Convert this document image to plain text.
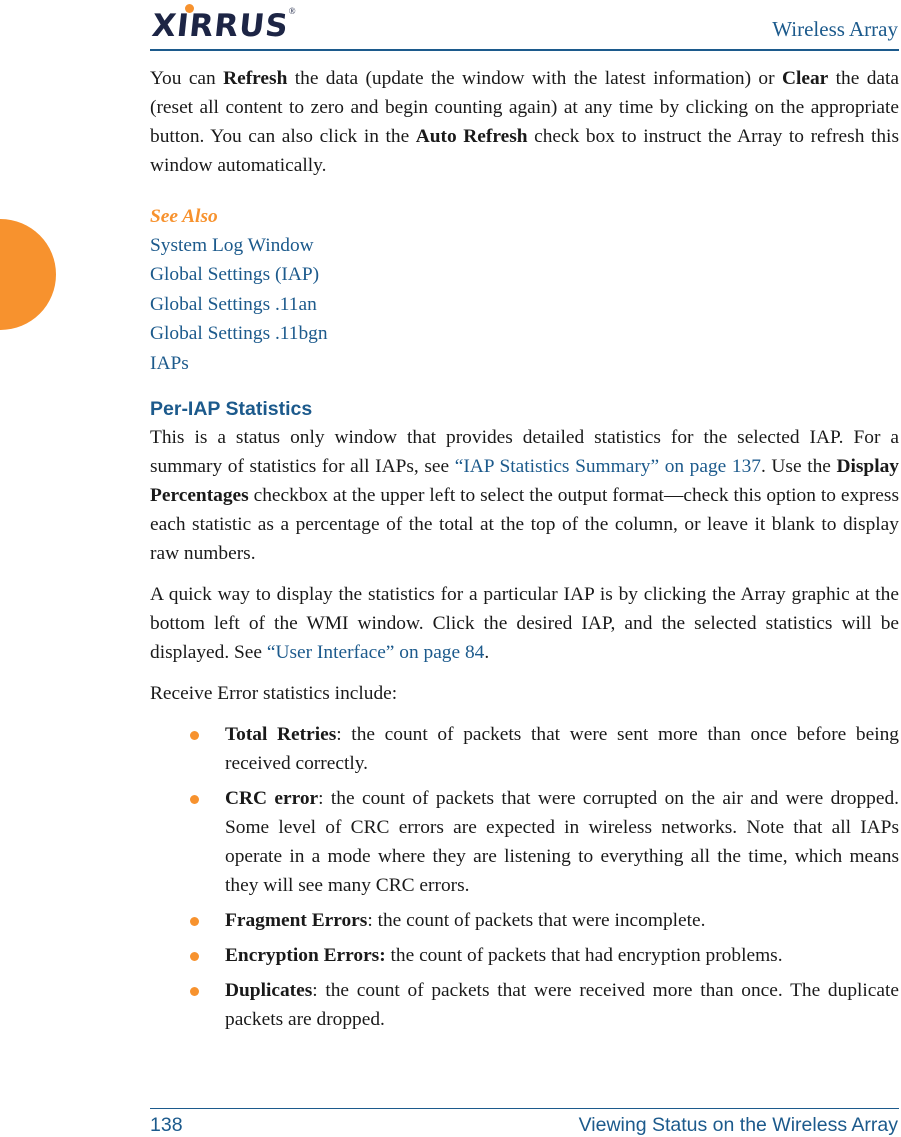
XIRRUS®
Wireless Array

You can Refresh the data (update the window with the latest information) or Clear the data (reset all content to zero and begin counting again) at any time by clicking on the appropriate button. You can also click in the Auto Refresh check box to instruct the Array to refresh this window automatically.

See Also
System Log Window
Global Settings (IAP)
Global Settings .11an
Global Settings .11bgn
IAPs
Per-IAP Statistics

This is a status only window that provides detailed statistics for the selected IAP. For a summary of statistics for all IAPs, see “IAP Statistics Summary” on page 137. Use the Display Percentages checkbox at the upper left to select the output format—check this option to express each statistic as a percentage of the total at the top of the column, or leave it blank to display raw numbers.

A quick way to display the statistics for a particular IAP is by clicking the Array graphic at the bottom left of the WMI window. Click the desired IAP, and the selected statistics will be displayed. See “User Interface” on page 84.

Receive Error statistics include:

Total Retries: the count of packets that were sent more than once before being received correctly.
CRC error: the count of packets that were corrupted on the air and were dropped. Some level of CRC errors are expected in wireless networks. Note that all IAPs operate in a mode where they are listening to everything all the time, which means they will see many CRC errors.
Fragment Errors: the count of packets that were incomplete.
Encryption Errors: the count of packets that had encryption problems.
Duplicates: the count of packets that were received more than once. The duplicate packets are dropped.
138	Viewing Status on the Wireless Array
